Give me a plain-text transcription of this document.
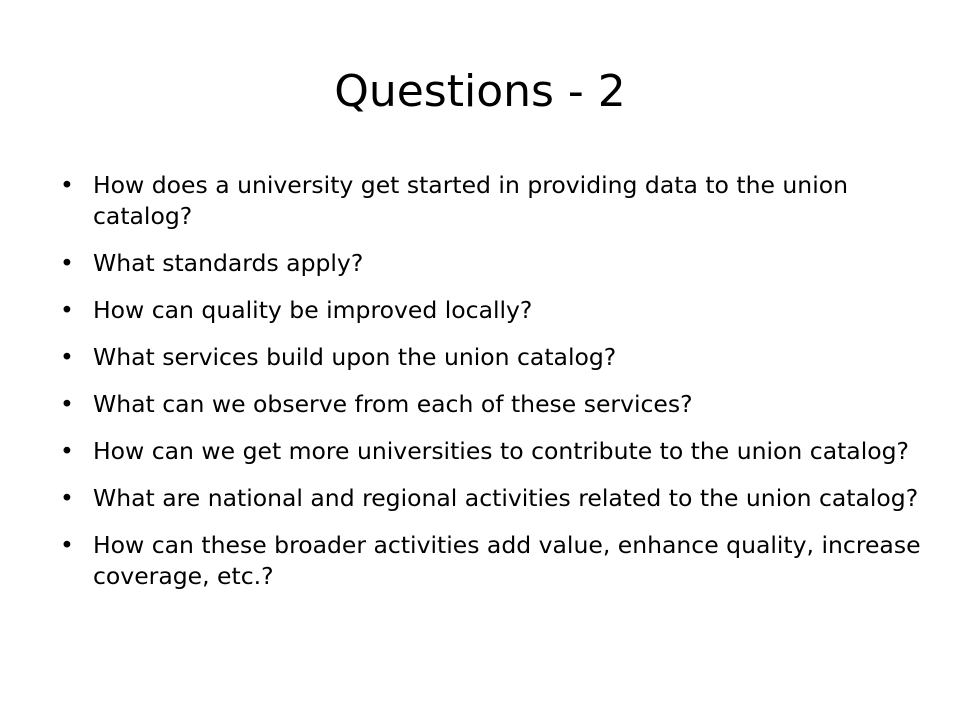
Questions - 2
• How does a university get started in providing data to the union catalog?
• What standards apply?
• How can quality be improved locally?
• What services build upon the union catalog?
• What can we observe from each of these services?
• How can we get more universities to contribute to the union catalog?
• What are national and regional activities related to the union catalog?
• How can these broader activities add value, enhance quality, increase coverage, etc.?
